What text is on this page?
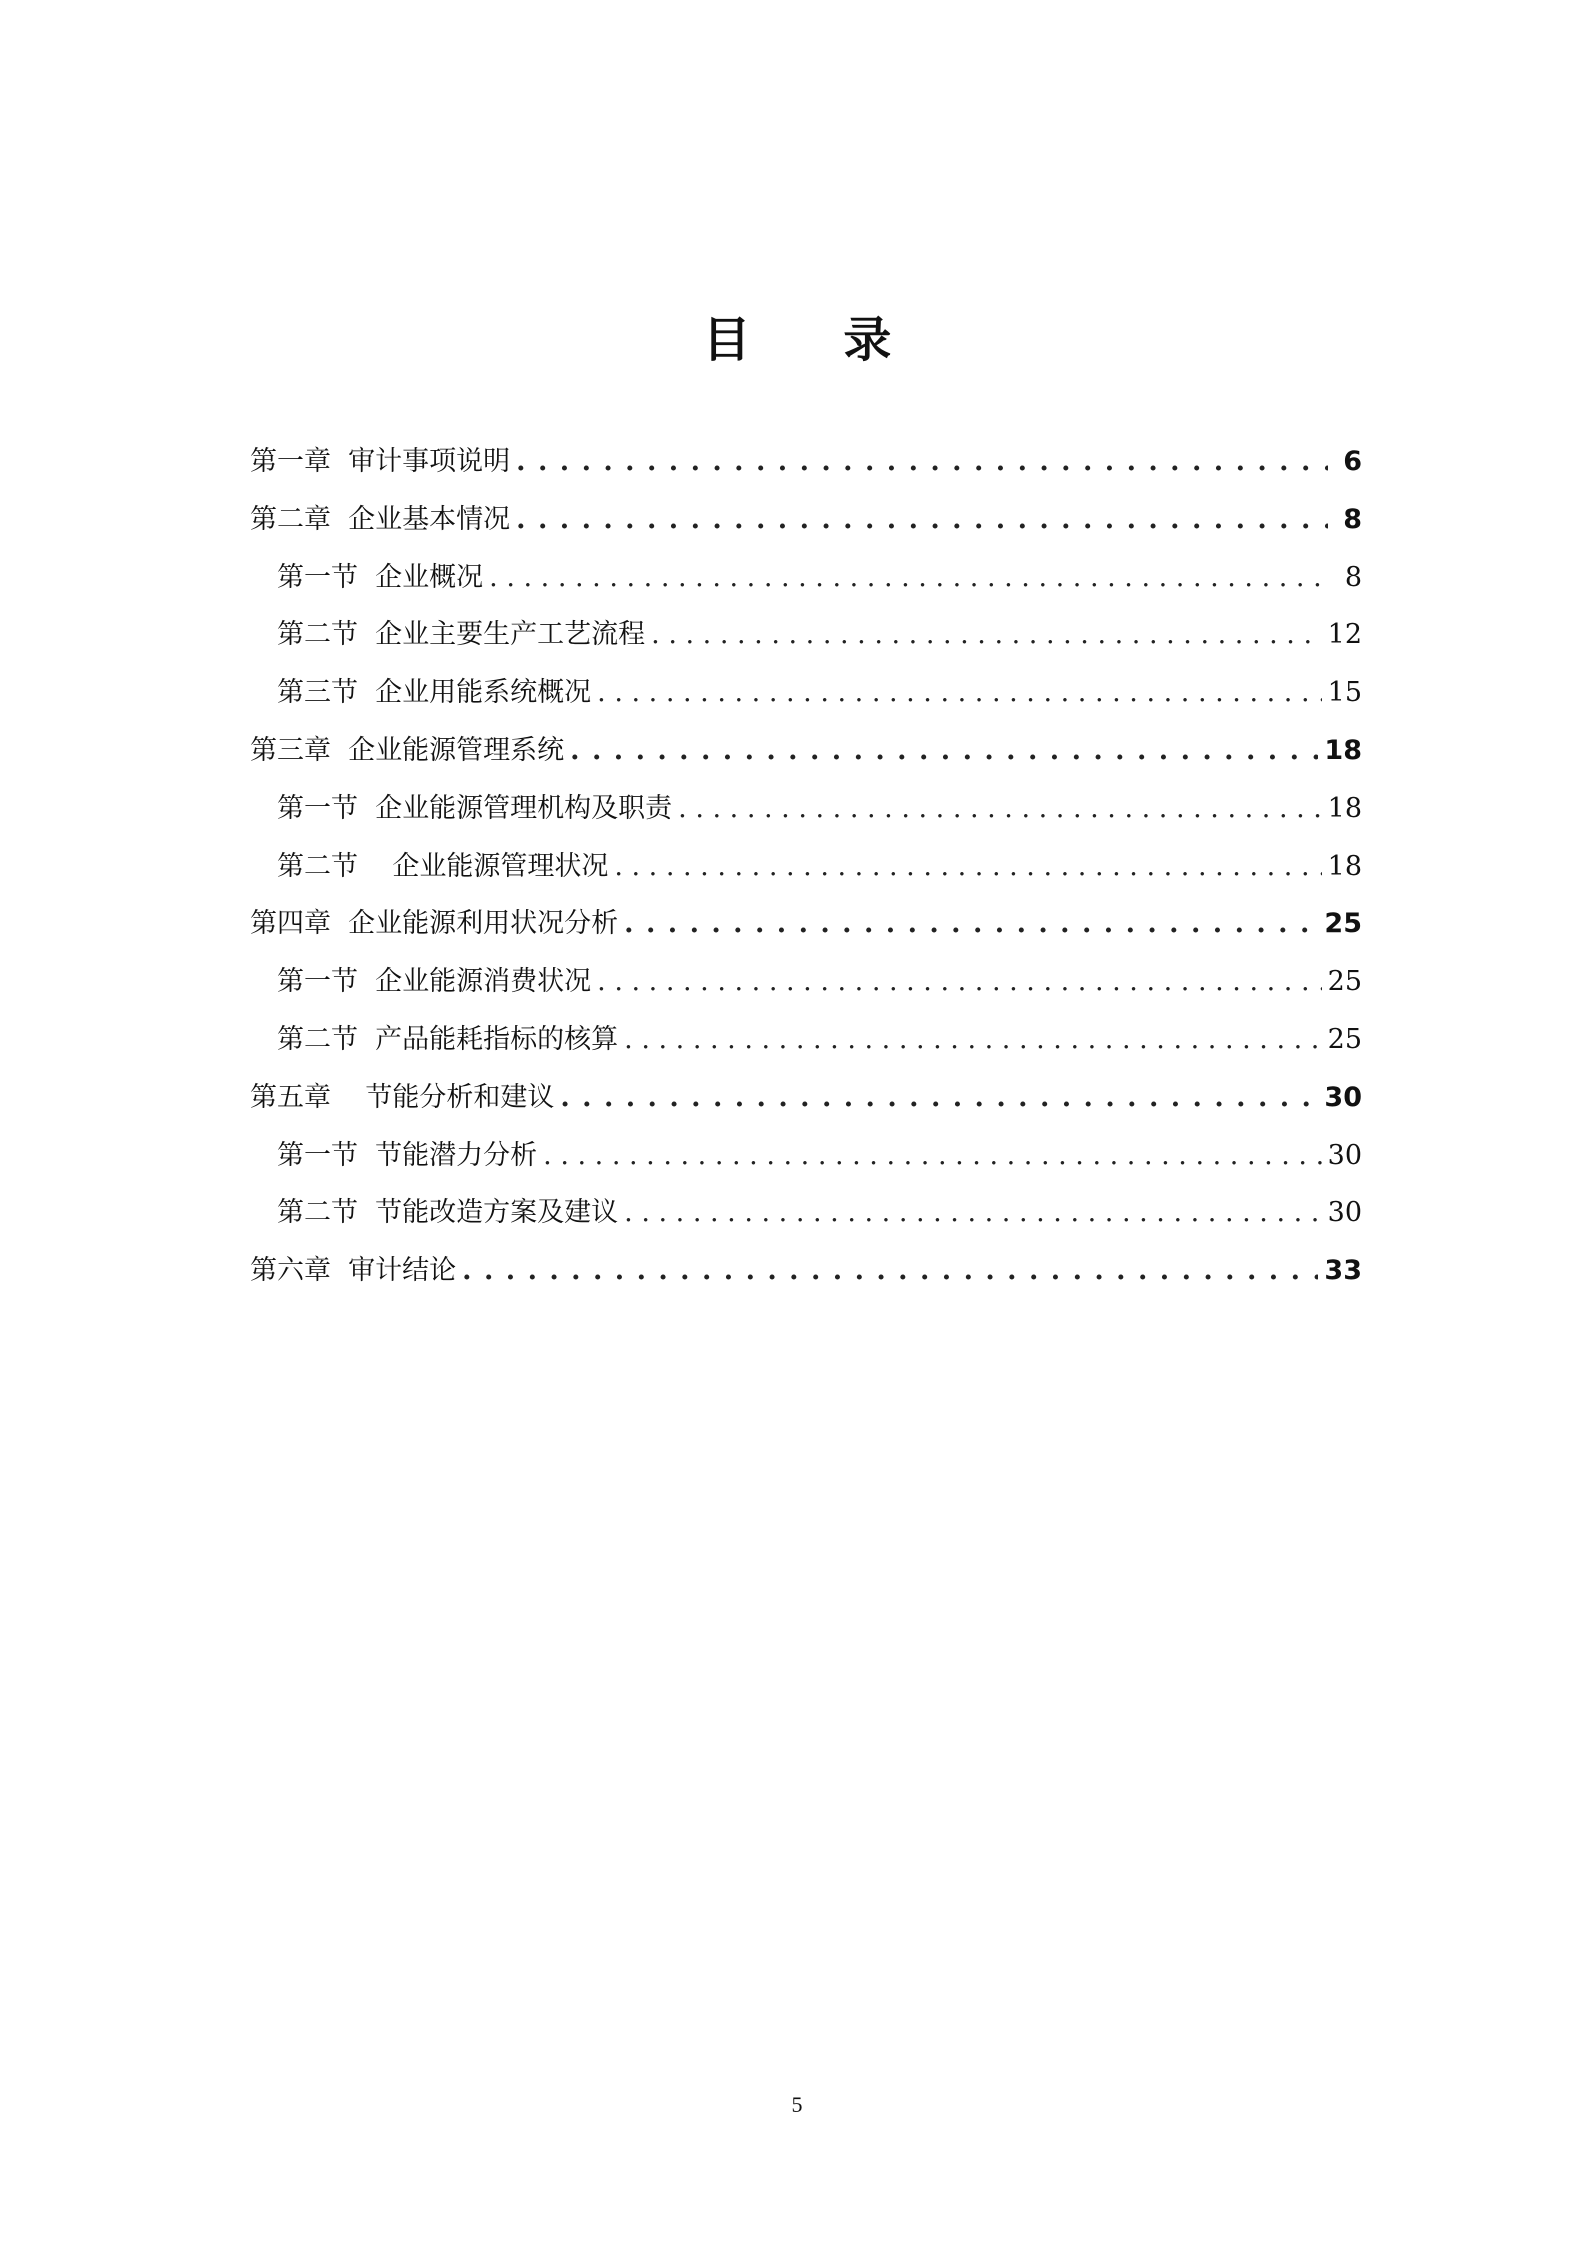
目 录
第一章  审计事项说明 . . .	6
第二章  企业基本情况 . . .	8
第一节  企业概况 . . .	8
第二节  企业主要生产工艺流程 . . .	12
第三节  企业用能系统概况 . . .	15
第三章  企业能源管理系统 . . .	18
第一节  企业能源管理机构及职责 . . .	18
第二节    企业能源管理状况 . . .	18
第四章  企业能源利用状况分析 . . .	25
第一节  企业能源消费状况 . . .	25
第二节  产品能耗指标的核算 . . .	25
第五章    节能分析和建议 . . .	30
第一节  节能潜力分析 . . .	30
第二节  节能改造方案及建议 . . .	30
第六章  审计结论 . . .	33
5
